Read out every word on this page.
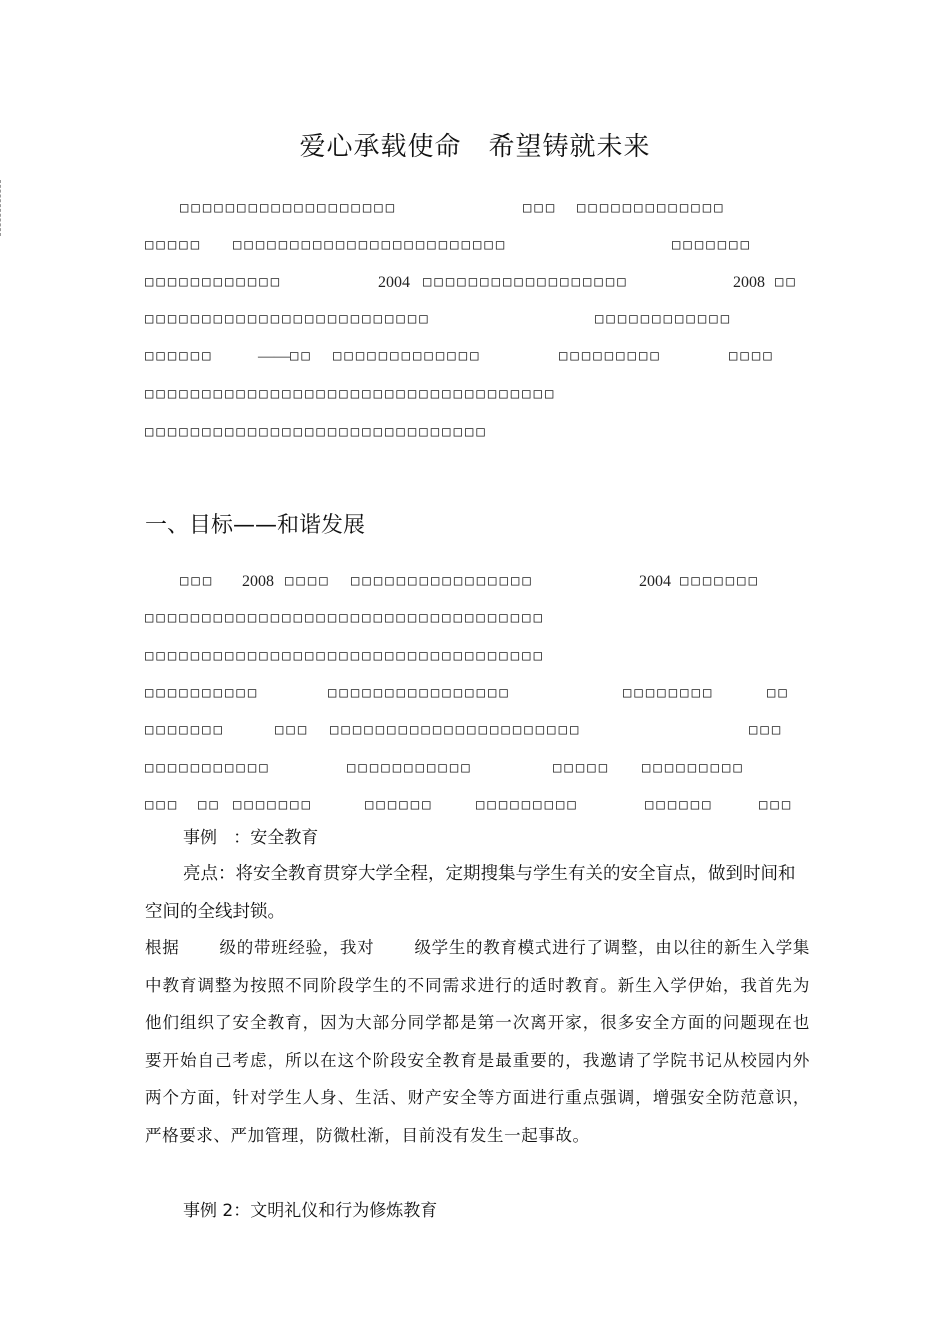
爱心承载使命　希望铸就未来
□□□□□□□□□□□□□□□□□□□	□□□ □□□□□□□□□□□□□
□□□□□ □□□□□□□□□□□□□□□□□□□□□□□□	□□□□□□□
□□□□□□□□□□□□	2004 □□□□□□□□□□□□□□□□□□	2008 □□
□□□□□□□□□□□□□□□□□□□□□□□□□	□□□□□□□□□□□□
□□□□□□	—— □□ □□□□□□□□□□□□□	□□□□□□□□□	□□□□
□□□□□□□□□□□□□□□□□□□□□□□□□□□□□□□□□□□□
□□□□□□□□□□□□□□□□□□□□□□□□□□□□□□
一、目标——和谐发展
□□□ 2008 □□□□ □□□□□□□□□□□□□□□□	2004 □□□□□□□
□□□□□□□□□□□□□□□□□□□□□□□□□□□□□□□□□□□
□□□□□□□□□□□□□□□□□□□□□□□□□□□□□□□□□□□
□□□□□□□□□□	□□□□□□□□□□□□□□□□	□□□□□□□□	□□
□□□□□□□	□□□ □□□□□□□□□□□□□□□□□□□□□□	□□□
□□□□□□□□□□□	□□□□□□□□□□□	□□□□□ □□□□□□□□□
□□□ □□ □□□□□□□	□□□□□□	□□□□□□□□□	□□□□□□	□□□
事例 ：安全教育
亮点：将安全教育贯穿大学全程，定期搜集与学生有关的安全盲点，做到时间和空间的全线封锁。
根据 级的带班经验，我对 级学生的教育模式进行了调整，由以往的新生入学集中教育调整为按照不同阶段学生的不同需求进行的适时教育。新生入学伊始，我首先为他们组织了安全教育，因为大部分同学都是第一次离开家，很多安全方面的问题现在也要开始自己考虑，所以在这个阶段安全教育是最重要的，我邀请了学院书记从校园内外两个方面，针对学生人身、生活、财产安全等方面进行重点强调，增强安全防范意识，严格要求、严加管理，防微杜渐，目前没有发生一起事故。
事例 2：文明礼仪和行为修炼教育
